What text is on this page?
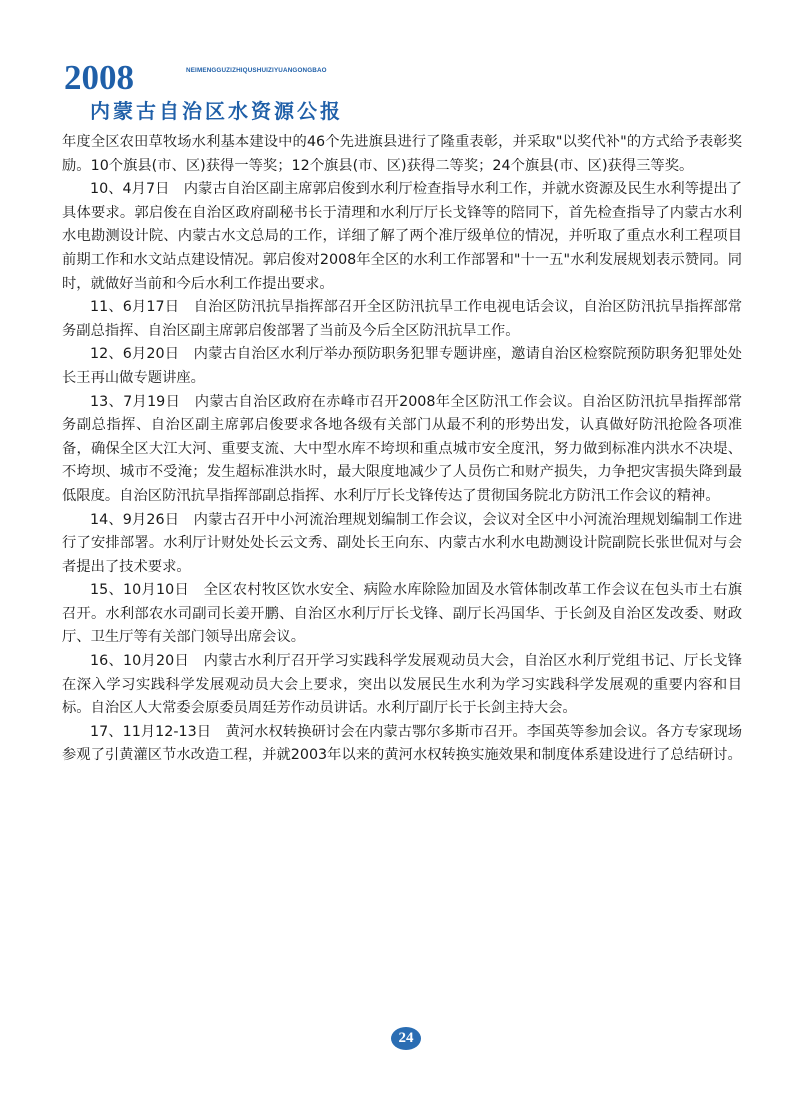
2008	NEIMENGGUZIZHIQUSHUIZIYUANGONGBAO
内蒙古自治区水资源公报

年度全区农田草牧场水利基本建设中的46个先进旗县进行了隆重表彰，并采取"以奖代补"的方式给予表彰奖励。10个旗县(市、区)获得一等奖；12个旗县(市、区)获得二等奖；24个旗县(市、区)获得三等奖。

10、4月7日　内蒙古自治区副主席郭启俊到水利厅检查指导水利工作，并就水资源及民生水利等提出了具体要求。郭启俊在自治区政府副秘书长于清理和水利厅厅长戈锋等的陪同下，首先检查指导了内蒙古水利水电勘测设计院、内蒙古水文总局的工作，详细了解了两个准厅级单位的情况，并听取了重点水利工程项目前期工作和水文站点建设情况。郭启俊对2008年全区的水利工作部署和"十一五"水利发展规划表示赞同。同时，就做好当前和今后水利工作提出要求。

11、6月17日　自治区防汛抗旱指挥部召开全区防汛抗旱工作电视电话会议，自治区防汛抗旱指挥部常务副总指挥、自治区副主席郭启俊部署了当前及今后全区防汛抗旱工作。

12、6月20日　内蒙古自治区水利厅举办预防职务犯罪专题讲座，邀请自治区检察院预防职务犯罪处处长王再山做专题讲座。

13、7月19日　内蒙古自治区政府在赤峰市召开2008年全区防汛工作会议。自治区防汛抗旱指挥部常务副总指挥、自治区副主席郭启俊要求各地各级有关部门从最不利的形势出发，认真做好防汛抢险各项准备，确保全区大江大河、重要支流、大中型水库不垮坝和重点城市安全度汛，努力做到标准内洪水不决堤、不垮坝、城市不受淹；发生超标准洪水时，最大限度地减少了人员伤亡和财产损失，力争把灾害损失降到最低限度。自治区防汛抗旱指挥部副总指挥、水利厅厅长戈锋传达了贯彻国务院北方防汛工作会议的精神。

14、9月26日　内蒙古召开中小河流治理规划编制工作会议，会议对全区中小河流治理规划编制工作进行了安排部署。水利厅计财处处长云文秀、副处长王向东、内蒙古水利水电勘测设计院副院长张世侃对与会者提出了技术要求。

15、10月10日　全区农村牧区饮水安全、病险水库除险加固及水管体制改革工作会议在包头市土右旗召开。水利部农水司副司长姜开鹏、自治区水利厅厅长戈锋、副厅长冯国华、于长剑及自治区发改委、财政厅、卫生厅等有关部门领导出席会议。

16、10月20日　内蒙古水利厅召开学习实践科学发展观动员大会，自治区水利厅党组书记、厅长戈锋在深入学习实践科学发展观动员大会上要求，突出以发展民生水利为学习实践科学发展观的重要内容和目标。自治区人大常委会原委员周廷芳作动员讲话。水利厅副厅长于长剑主持大会。

17、11月12-13日　黄河水权转换研讨会在内蒙古鄂尔多斯市召开。李国英等参加会议。各方专家现场参观了引黄灌区节水改造工程，并就2003年以来的黄河水权转换实施效果和制度体系建设进行了总结研讨。

24
